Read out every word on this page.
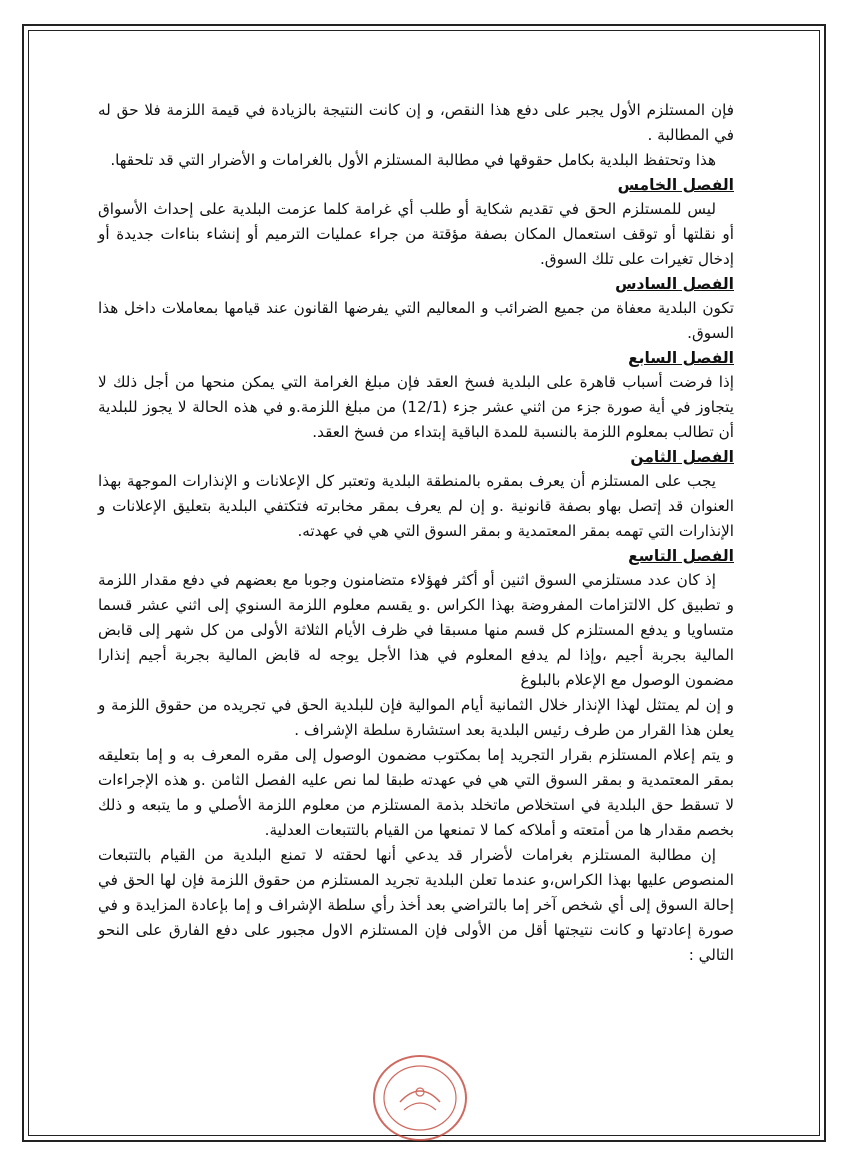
فإن المستلزم الأول يجبر على دفع هذا النقص، و إن كانت النتيجة بالزيادة في قيمة اللزمة فلا حق له في المطالبة .

هذا وتحتفظ البلدية بكامل حقوقها في مطالبة المستلزم الأول بالغرامات و الأضرار التي قد تلحقها.

الفصل الخامس

ليس للمستلزم الحق في تقديم شكاية أو طلب أي غرامة كلما عزمت البلدية على إحداث الأسواق أو نقلتها أو توقف استعمال المكان بصفة مؤقتة من جراء عمليات الترميم أو إنشاء بناءات جديدة أو إدخال تغيرات على تلك السوق.

الفصل السادس

تكون البلدية معفاة من جميع الضرائب و المعاليم التي يفرضها القانون عند قيامها بمعاملات داخل هذا السوق.

الفصل السابع

إذا فرضت أسباب قاهرة على البلدية فسخ العقد فإن مبلغ الغرامة التي يمكن منحها من أجل ذلك لا يتجاوز في أية صورة جزء من اثني عشر جزء (12/1) من مبلغ اللزمة.و في هذه الحالة لا يجوز للبلدية أن تطالب بمعلوم اللزمة بالنسبة للمدة الباقية إبتداء من فسخ العقد.

الفصل الثامن

يجب على المستلزم أن يعرف بمقره بالمنطقة البلدية وتعتبر كل الإعلانات و الإنذارات الموجهة بهذا العنوان قد إتصل بهاو بصفة قانونية .و إن لم يعرف بمقر مخابرته فتكتفي البلدية بتعليق الإعلانات و الإنذارات التي تهمه بمقر المعتمدية و بمقر السوق التي هي في عهدته.

الفصل التاسع

إذ كان عدد مستلزمي السوق اثنين أو أكثر فهؤلاء متضامنون وجوبا مع بعضهم في دفع مقدار اللزمة و تطبيق كل الالتزامات المفروضة بهذا الكراس .و يقسم معلوم اللزمة السنوي إلى اثني عشر قسما متساويا و يدفع المستلزم كل قسم منها مسبقا في ظرف الأيام الثلاثة الأولى من كل شهر إلى قابض المالية بجربة أجيم ،وإذا لم يدفع المعلوم في هذا الأجل يوجه له قابض المالية بجربة أجيم إنذارا مضمون الوصول مع الإعلام بالبلوغ

و إن لم يمتثل لهذا الإنذار خلال الثمانية أيام الموالية فإن للبلدية الحق في تجريده من حقوق اللزمة و يعلن هذا القرار من طرف رئيس البلدية بعد استشارة سلطة الإشراف .

و يتم إعلام المستلزم بقرار التجريد إما بمكتوب مضمون الوصول إلى مقره المعرف به و إما بتعليقه بمقر المعتمدية و بمقر السوق التي هي في عهدته طبقا لما نص عليه الفصل الثامن .و هذه الإجراءات لا تسقط حق البلدية في استخلاص ماتخلد بذمة المستلزم من معلوم اللزمة الأصلي و ما يتبعه و ذلك بخصم مقدار ها من أمتعته و أملاكه كما لا تمنعها من القيام بالتتبعات العدلية.

إن مطالبة المستلزم بغرامات لأضرار قد يدعي أنها لحقته لا تمنع البلدية من القيام بالتتبعات المنصوص عليها بهذا الكراس،و عندما تعلن البلدية تجريد المستلزم من حقوق اللزمة فإن لها الحق في إحالة السوق إلى أي شخص آخر إما بالتراضي بعد أخذ رأي سلطة الإشراف و إما بإعادة المزايدة و في صورة إعادتها و كانت نتيجتها أقل من الأولى فإن المستلزم الاول مجبور على دفع الفارق على النحو التالي :
